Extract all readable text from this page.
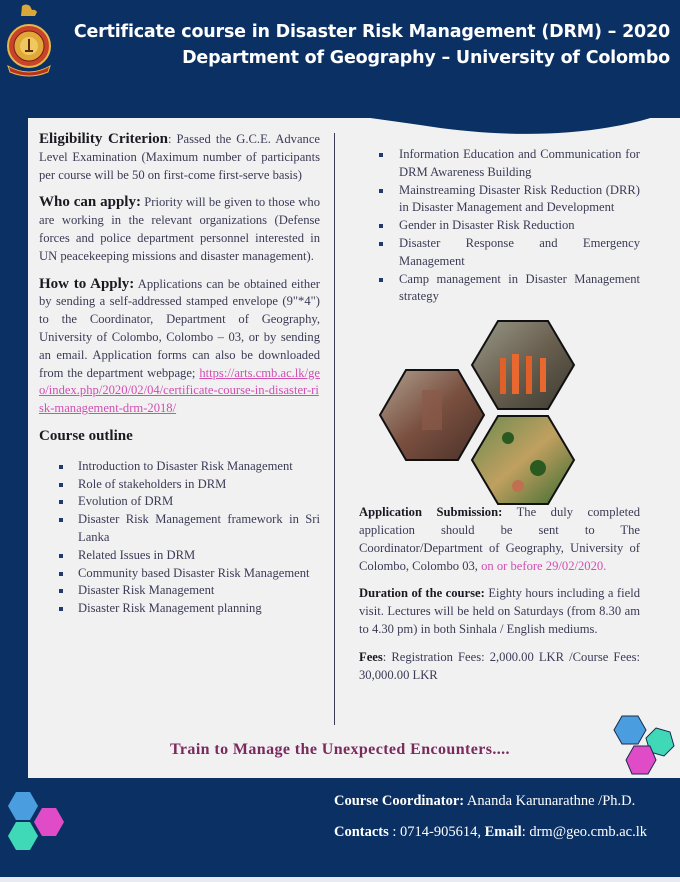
Certificate course in Disaster Risk Management (DRM) – 2020
Department of Geography – University of Colombo

Eligibility Criterion: Passed the G.C.E. Advance Level Examination (Maximum number of participants per course will be 50 on first-come first-serve basis)

Who can apply: Priority will be given to those who are working in the relevant organizations (Defense forces and police department personnel interested in UN peacekeeping missions and disaster management).

How to Apply: Applications can be obtained either by sending a self-addressed stamped envelope (9"*4") to the Coordinator, Department of Geography, University of Colombo, Colombo – 03, or by sending an email. Application forms can also be downloaded from the department webpage; https://arts.cmb.ac.lk/geo/index.php/2020/02/04/certificate-course-in-disaster-risk-management-drm-2018/

Course outline
Introduction to Disaster Risk Management
Role of stakeholders in DRM
Evolution of DRM
Disaster Risk Management framework in Sri Lanka
Related Issues in DRM
Community based Disaster Risk Management
Disaster Risk Management
Disaster Risk Management planning
Information Education and Communication for DRM Awareness Building
Mainstreaming Disaster Risk Reduction (DRR) in Disaster Management and Development
Gender in Disaster Risk Reduction
Disaster Response and Emergency Management
Camp management in Disaster Management strategy

Application Submission: The duly completed application should be sent to The Coordinator/Department of Geography, University of Colombo, Colombo 03, on or before 29/02/2020.

Duration of the course: Eighty hours including a field visit. Lectures will be held on Saturdays (from 8.30 am to 4.30 pm) in both Sinhala / English mediums.

Fees: Registration Fees: 2,000.00 LKR /Course Fees: 30,000.00 LKR

Train to Manage the Unexpected Encounters....
Course Coordinator: Ananda Karunarathne /Ph.D.
Contacts : 0714-905614, Email: drm@geo.cmb.ac.lk
